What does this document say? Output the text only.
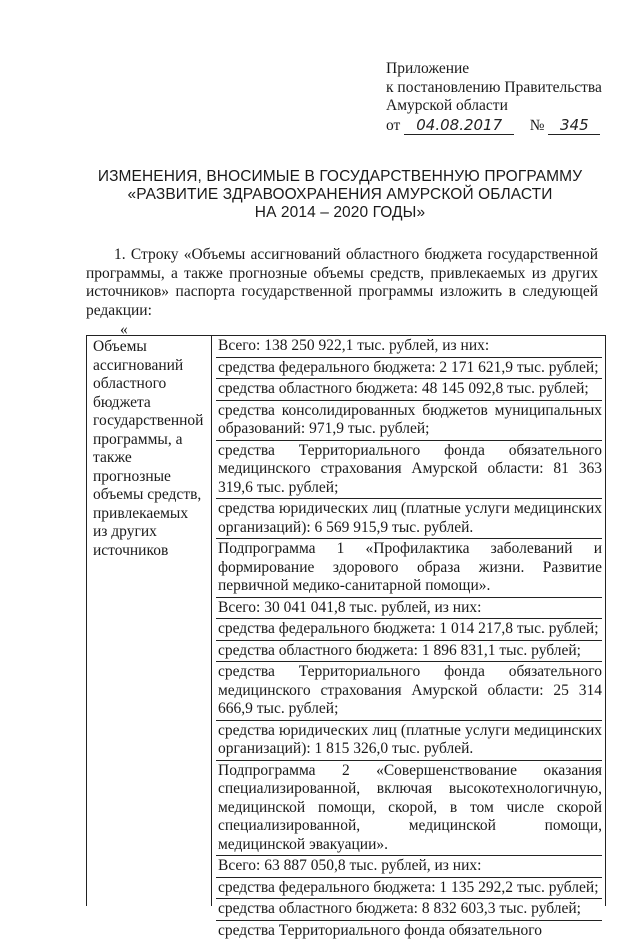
Приложение
к постановлению Правительства
Амурской области
от 04.08.2017 № 345
ИЗМЕНЕНИЯ, ВНОСИМЫЕ В ГОСУДАРСТВЕННУЮ ПРОГРАММУ
«РАЗВИТИЕ ЗДРАВООХРАНЕНИЯ АМУРСКОЙ ОБЛАСТИ
НА 2014 – 2020 ГОДЫ»
1. Строку «Объемы ассигнований областного бюджета государственной программы, а также прогнозные объемы средств, привлекаемых из других источников» паспорта государственной программы изложить в следующей редакции:
«
Объемы
ассигнований
областного
бюджета
государственной
программы, а
также
прогнозные
объемы средств,
привлекаемых
из других
источников
Всего: 138 250 922,1 тыс. рублей, из них:
средства федерального бюджета: 2 171 621,9 тыс. рублей;
средства областного бюджета: 48 145 092,8 тыс. рублей;
средства консолидированных бюджетов муниципальных образований: 971,9 тыс. рублей;
средства Территориального фонда обязательного медицинского страхования Амурской области: 81 363 319,6 тыс. рублей;
средства юридических лиц (платные услуги медицинских организаций): 6 569 915,9 тыс. рублей.
Подпрограмма 1 «Профилактика заболеваний и формирование здорового образа жизни. Развитие первичной медико-санитарной помощи».
Всего: 30 041 041,8 тыс. рублей, из них:
средства федерального бюджета: 1 014 217,8 тыс. рублей;
средства областного бюджета: 1 896 831,1 тыс. рублей;
средства Территориального фонда обязательного медицинского страхования Амурской области: 25 314 666,9 тыс. рублей;
средства юридических лиц (платные услуги медицинских организаций): 1 815 326,0 тыс. рублей.
Подпрограмма 2 «Совершенствование оказания специализированной, включая высокотехнологичную, медицинской помощи, скорой, в том числе скорой специализированной, медицинской помощи, медицинской эвакуации».
Всего: 63 887 050,8 тыс. рублей, из них:
средства федерального бюджета: 1 135 292,2 тыс. рублей;
средства областного бюджета: 8 832 603,3 тыс. рублей;
средства Территориального фонда обязательного
